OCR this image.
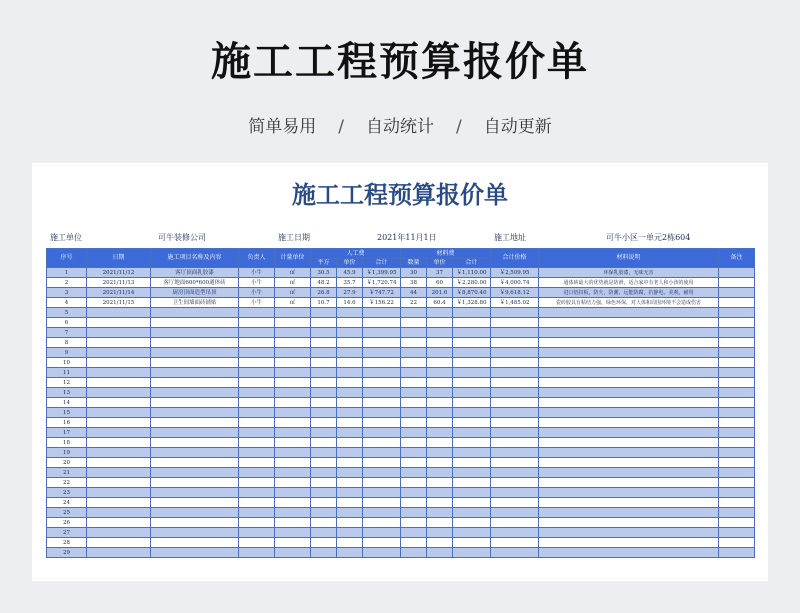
施工工程预算报价单
简单易用 / 自动统计 / 自动更新
施工工程预算报价单
施工单位	可牛装修公司	施工日期	2021年11月1日	施工地址	可牛小区一单元2栋604
序号	日期	施工项目名称及内容	负责人	计量单位	人工费			材料费			合计价格	材料说明	备注
					平方	单价	合计	数量	单价	合计			
1	2021/11/12	客厅顶面乳胶漆	小牛	㎡	30.5	45.9	￥1,399.95	30	37	￥1,110.00	￥2,509.95	环保乳胶漆，无味无害	
2	2021/11/13	客厅地面600*600通体砖	小牛	㎡	48.2	35.7	￥1,720.74	38	60	￥2,280.00	￥4,000.74	通体砖最大的优势就是防滑，适合家中有老人和小孩的使用	
3	2021/11/14	厨房顶面造型吊顶	小牛	㎡	26.8	27.9	￥747.72	44	201.6	￥8,870.40	￥9,618.12	进口铝扣板，防火，防潮，远能防腐，抗静电，美观，耐用	
4	2021/11/15	卫生间墙面砖铺贴	小牛	㎡	10.7	14.6	￥156.22	22	60.4	￥1,328.80	￥1,485.02	瓷砖胶具有粘结力强，绿色环保，对人体和周围环境不会造成伤害	
5													
6													
7													
8													
9													
10													
11													
12													
13													
14													
15													
16													
17													
18													
19													
20													
21													
22													
23													
24													
25													
26													
27													
28													
29													
